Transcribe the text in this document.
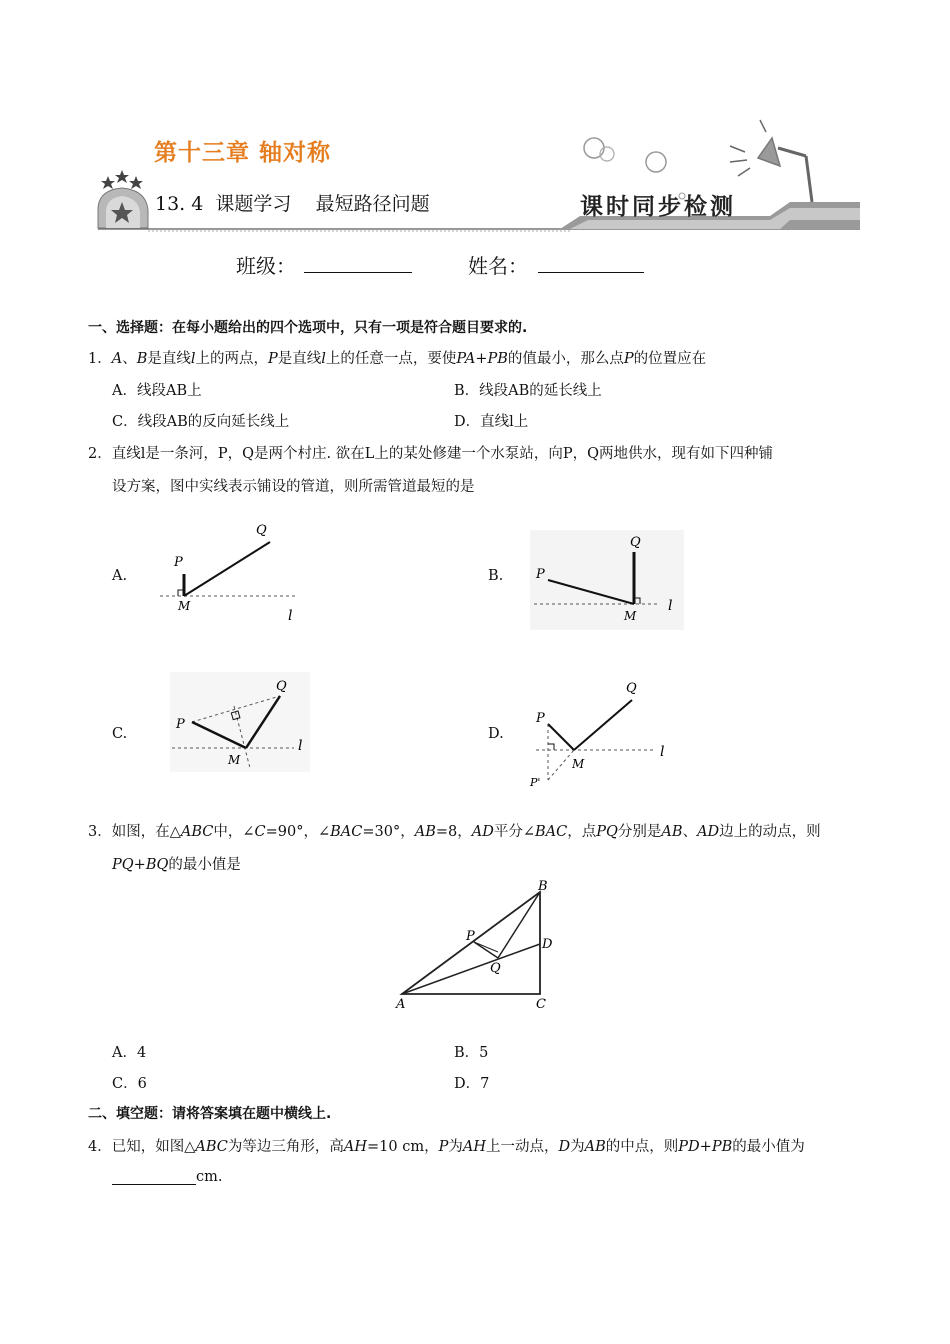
第十三章 轴对称
13. 4  课题学习    最短路径问题	课时同步检测
班级：	姓名：
一、选择题：在每小题给出的四个选项中，只有一项是符合题目要求的.
1．A、B是直线l上的两点，P是直线l上的任意一点，要使PA+PB的值最小，那么点P的位置应在
A．线段AB上	B．线段AB的延长线上
C．线段AB的反向延长线上	D．直线l上
2．直线l是一条河，P，Q是两个村庄. 欲在L上的某处修建一个水泵站，向P，Q两地供水，现有如下四种铺
设方案，图中实线表示铺设的管道，则所需管道最短的是
A.	B.
C.	D.
P
Q
M
l
P
Q
M
l
P
Q
M
l
P
Q
M
l
P'
3．如图，在△ABC中，∠C=90°，∠BAC=30°，AB=8，AD平分∠BAC，点PQ分别是AB、AD边上的动点，则
PQ+BQ的最小值是
A
B
C
D
P
Q
A．4	B．5
C．6	D．7
二、填空题：请将答案填在题中横线上.
4．已知，如图△ABC为等边三角形，高AH=10 cm，P为AH上一动点，D为AB的中点，则PD+PB的最小值为
cm.
